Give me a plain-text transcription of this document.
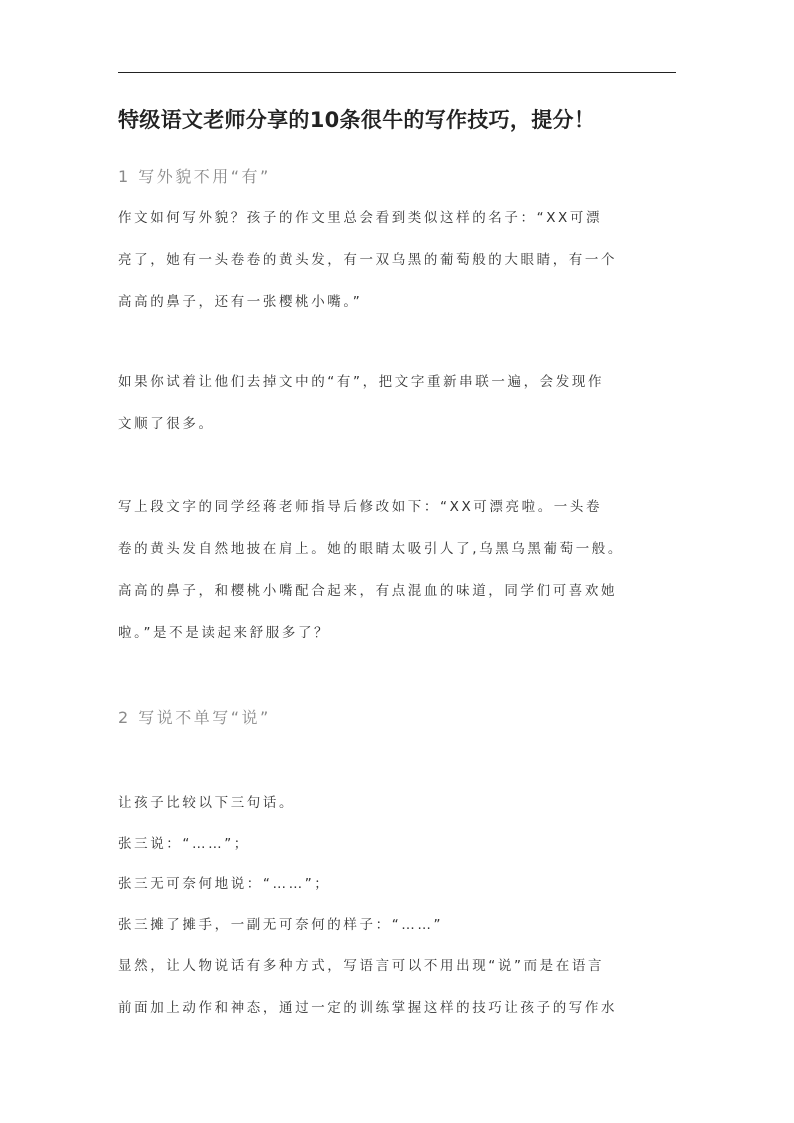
特级语文老师分享的10条很牛的写作技巧，提分！
1 写外貌不用“有”
作文如何写外貌？孩子的作文里总会看到类似这样的名子：“XX可漂
亮了，她有一头卷卷的黄头发，有一双乌黑的葡萄般的大眼睛，有一个
高高的鼻子，还有一张樱桃小嘴。”
如果你试着让他们去掉文中的“有”，把文字重新串联一遍，会发现作
文顺了很多。
写上段文字的同学经蒋老师指导后修改如下：“XX可漂亮啦。一头卷
卷的黄头发自然地披在肩上。她的眼睛太吸引人了,乌黑乌黑葡萄一般。
高高的鼻子，和樱桃小嘴配合起来，有点混血的味道，同学们可喜欢她
啦。”是不是读起来舒服多了？
2 写说不单写“说”
让孩子比较以下三句话。
张三说：“……”；
张三无可奈何地说：“……”；
张三摊了摊手，一副无可奈何的样子：“……”
显然，让人物说话有多种方式，写语言可以不用出现“说”而是在语言
前面加上动作和神态，通过一定的训练掌握这样的技巧让孩子的写作水
